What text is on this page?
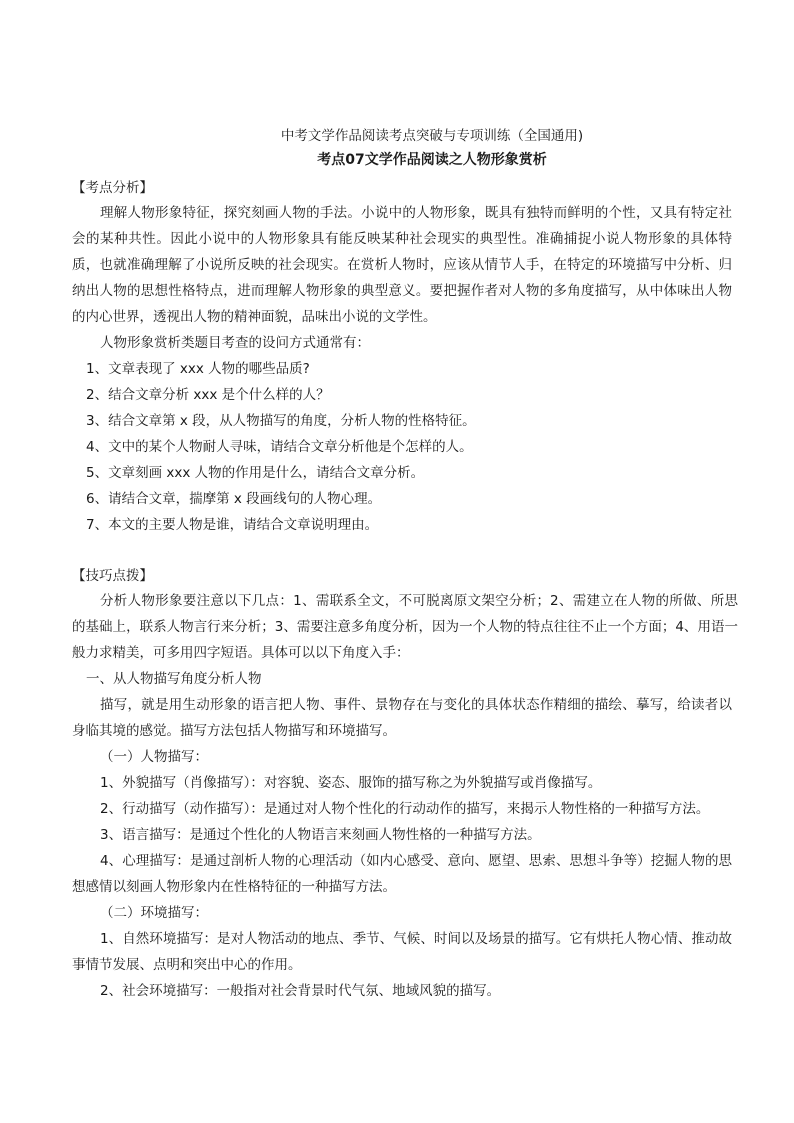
中考文学作品阅读考点突破与专项训练（全国通用)

考点07文学作品阅读之人物形象赏析

【考点分析】

理解人物形象特征，探究刻画人物的手法。小说中的人物形象，既具有独特而鲜明的个性，又具有特定社会的某种共性。因此小说中的人物形象具有能反映某种社会现实的典型性。准确捕捉小说人物形象的具体特质，也就准确理解了小说所反映的社会现实。在赏析人物时，应该从情节人手，在特定的环境描写中分析、归纳出人物的思想性格特点，进而理解人物形象的典型意义。要把握作者对人物的多角度描写，从中体味出人物的内心世界，透视出人物的精神面貌，品味出小说的文学性。

人物形象赏析类题目考查的设问方式通常有：

1、文章表现了 xxx 人物的哪些品质?

2、结合文章分析 xxx 是个什么样的人？

3、结合文章第 x 段，从人物描写的角度，分析人物的性格特征。

4、文中的某个人物耐人寻味，请结合文章分析他是个怎样的人。

5、文章刻画 xxx 人物的作用是什么，请结合文章分析。

6、请结合文章，揣摩第 x 段画线句的人物心理。

7、本文的主要人物是谁，请结合文章说明理由。

【技巧点拨】

分析人物形象要注意以下几点：1、需联系全文，不可脱离原文架空分析；2、需建立在人物的所做、所思的基础上，联系人物言行来分析；3、需要注意多角度分析，因为一个人物的特点往往不止一个方面；4、用语一般力求精美，可多用四字短语。具体可以以下角度入手：

一、从人物描写角度分析人物

描写，就是用生动形象的语言把人物、事件、景物存在与变化的具体状态作精细的描绘、摹写，给读者以身临其境的感觉。描写方法包括人物描写和环境描写。

（一）人物描写：

1、外貌描写（肖像描写）：对容貌、姿态、服饰的描写称之为外貌描写或肖像描写。

2、行动描写（动作描写）：是通过对人物个性化的行动动作的描写，来揭示人物性格的一种描写方法。

3、语言描写：是通过个性化的人物语言来刻画人物性格的一种描写方法。

4、心理描写：是通过剖析人物的心理活动（如内心感受、意向、愿望、思索、思想斗争等）挖掘人物的思想感情以刻画人物形象内在性格特征的一种描写方法。

（二）环境描写：

1、自然环境描写：是对人物活动的地点、季节、气候、时间以及场景的描写。它有烘托人物心情、推动故事情节发展、点明和突出中心的作用。

2、社会环境描写：一般指对社会背景时代气氛、地域风貌的描写。
